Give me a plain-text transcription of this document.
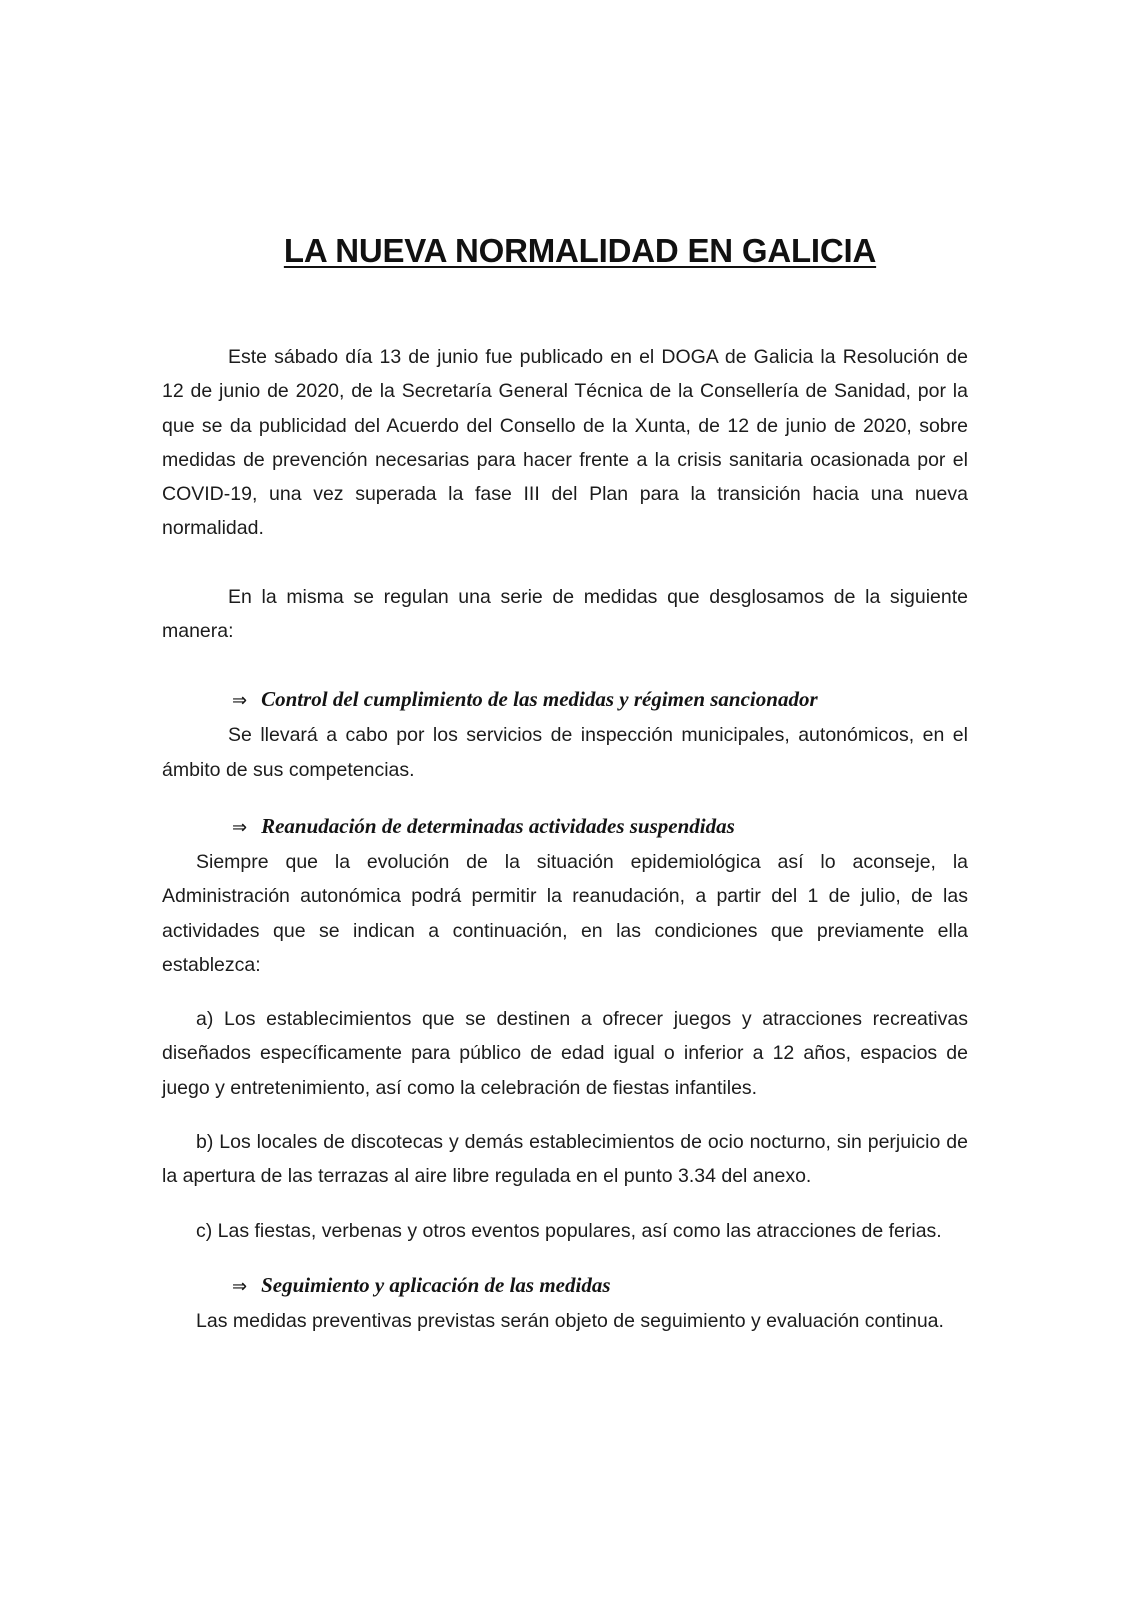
LA NUEVA NORMALIDAD EN GALICIA

Este sábado día 13 de junio fue publicado en el DOGA de Galicia la Resolución de 12 de junio de 2020, de la Secretaría General Técnica de la Consellería de Sanidad, por la que se da publicidad del Acuerdo del Consello de la Xunta, de 12 de junio de 2020, sobre medidas de prevención necesarias para hacer frente a la crisis sanitaria ocasionada por el COVID-19, una vez superada la fase III del Plan para la transición hacia una nueva normalidad.

En la misma se regulan una serie de medidas que desglosamos de la siguiente manera:

⇒ Control del cumplimiento de las medidas y régimen sancionador

Se llevará a cabo por los servicios de inspección municipales, autonómicos, en el ámbito de sus competencias.

⇒ Reanudación de determinadas actividades suspendidas

Siempre que la evolución de la situación epidemiológica así lo aconseje, la Administración autonómica podrá permitir la reanudación, a partir del 1 de julio, de las actividades que se indican a continuación, en las condiciones que previamente ella establezca:

a) Los establecimientos que se destinen a ofrecer juegos y atracciones recreativas diseñados específicamente para público de edad igual o inferior a 12 años, espacios de juego y entretenimiento, así como la celebración de fiestas infantiles.

b) Los locales de discotecas y demás establecimientos de ocio nocturno, sin perjuicio de la apertura de las terrazas al aire libre regulada en el punto 3.34 del anexo.

c) Las fiestas, verbenas y otros eventos populares, así como las atracciones de ferias.

⇒ Seguimiento y aplicación de las medidas

Las medidas preventivas previstas serán objeto de seguimiento y evaluación continua.
